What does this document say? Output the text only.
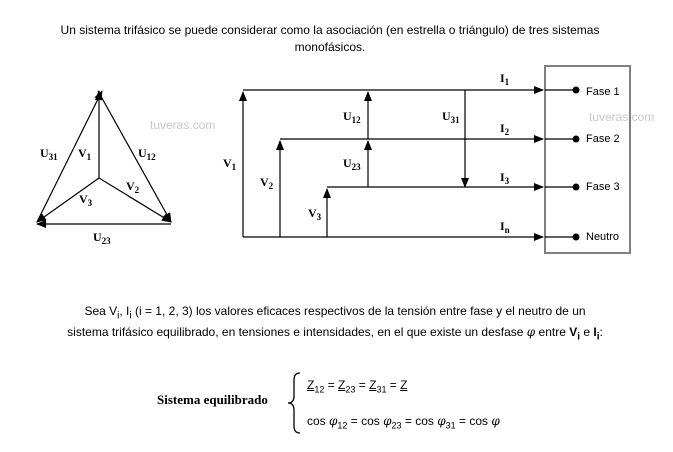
Un sistema trifásico se puede considerar como la asociación (en estrella o triángulo) de tres sistemas
monofásicos.
$U_{31}$	$U_{12}$
$U_{23}$
$V_1$
$V_2$
$V_3$
tuveras.com
tuveras.com
Fase 1
Fase 2
Fase 3
Neutro
$V_1$
$V_2$
$V_3$
$U_{12}$
$U_{23}$
$U_{31}$
$I_1$
$I_2$
$I_3$
$I_n$
Sea $V_i$, $I_i$ (i = 1, 2, 3) los valores eficaces respectivos de la tensión entre fase y el neutro de un
sistema trifásico equilibrado, en tensiones e intensidades, en el que existe un desfase φ entre $V_i$ e $I_i$:
Sistema equilibrado
$Z_{12} = Z_{23} = Z_{31} = Z$
$\cos \varphi_{12} = \cos \varphi_{23} = \cos \varphi_{31} = \cos \varphi$
